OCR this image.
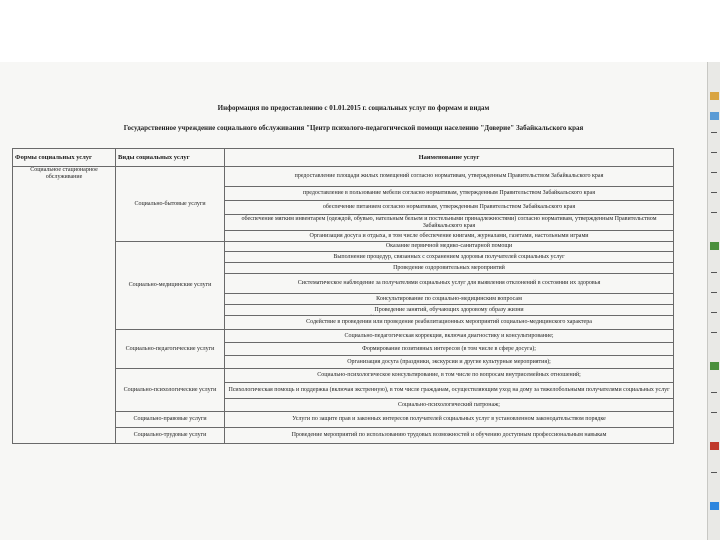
Информация по предоставлению с 01.01.2015 г. социальных услуг по формам и видам
Государственное учреждение социального обслуживания "Центр психолого-педагогической помощи населению "Доверие" Забайкальского края
Формы социальных услуг	Виды социальных услуг	Наименование услуг
Социальное стационарное обслуживание	Социально-бытовые услуги	предоставление площади жилых помещений согласно нормативам, утвержденным Правительством Забайкальского края
		предоставление в пользование мебели согласно нормативам, утвержденным Правительством Забайкальского края
		обеспечение питанием согласно нормативам, утвержденным Правительством Забайкальского края
		обеспечение мягким инвентарем (одеждой, обувью, нательным бельем и постельными принадлежностями) согласно нормативам, утвержденным Правительством Забайкальского края
		Организация досуга и отдыха, в том числе обеспечение книгами, журналами, газетами, настольными играми
	Социально-медицинские услуги	Оказание первичной медико-санитарной помощи
		Выполнение процедур, связанных с сохранением здоровья получателей социальных услуг
		Проведение оздоровительных мероприятий
		Систематическое наблюдение за получателями социальных услуг для выявления отклонений в состоянии их здоровья
		Консультирование по социально-медицинским вопросам
		Проведение занятий, обучающих здоровому образу жизни
		Содействие в проведении или проведение реабилитационных мероприятий социально-медицинского характера
	Социально-педагогические услуги	Социально-педагогическая коррекция, включая диагностику и консультирование;
		Формирование позитивных интересов (в том числе в сфере досуга);
		Организация досуга (праздники, экскурсии и другие культурные мероприятия);
	Социально-психологические услуги	Социально-психологическое консультирование, в том числе по вопросам внутрисемейных отношений;
		Психологическая помощь и поддержка (включая экстренную), в том числе гражданам, осуществляющим уход на дому за тяжелобольными получателями социальных услуг
		Социально-психологический патронаж;
	Социально-правовые услуги	Услуги по защите прав и законных интересов получателей социальных услуг в установленном законодательством порядке
	Социально-трудовые услуги	Проведение мероприятий по использованию трудовых возможностей и обучению доступным профессиональным навыкам
~
